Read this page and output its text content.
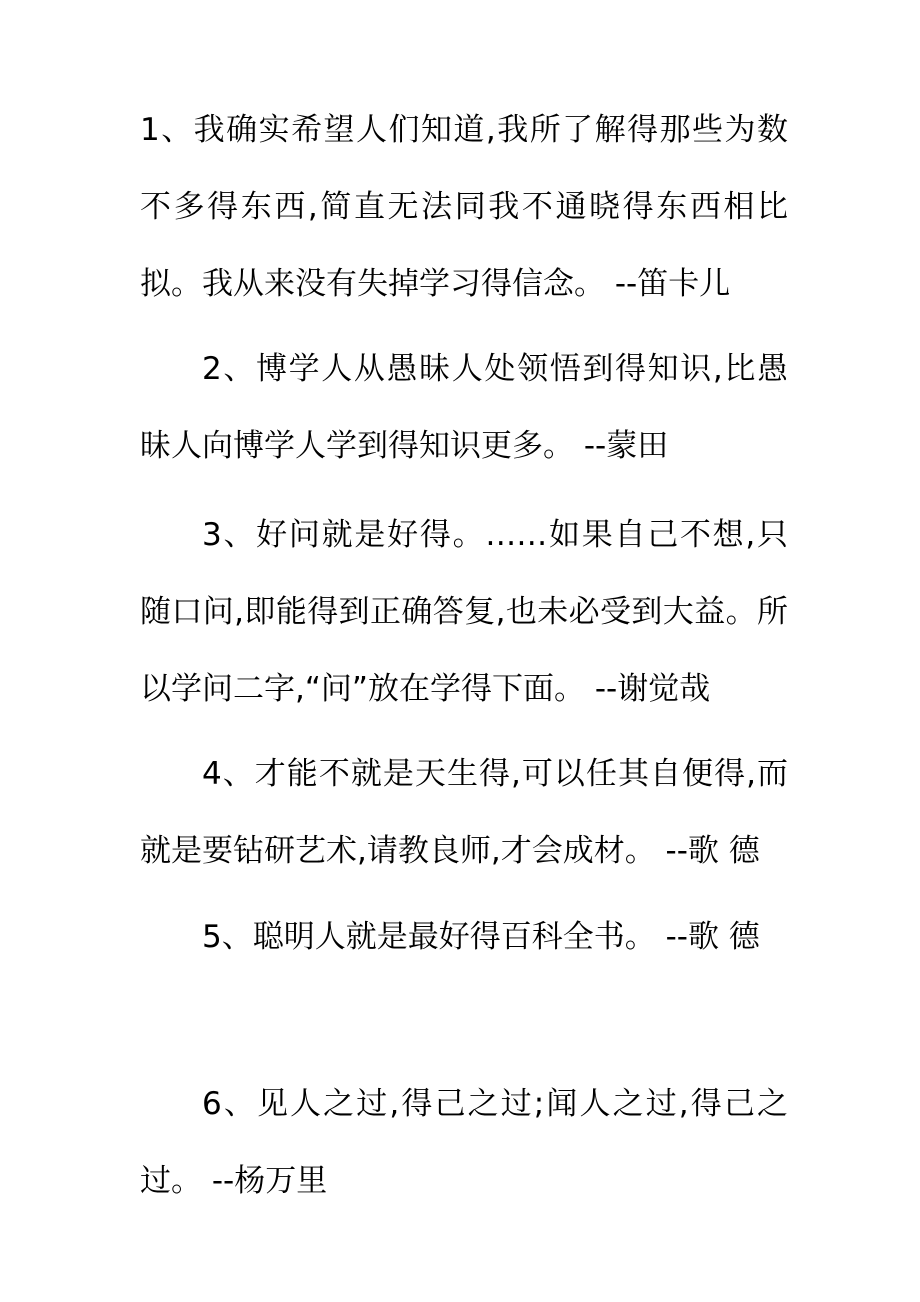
1、我确实希望人们知道,我所了解得那些为数不多得东西,简直无法同我不通晓得东西相比拟。我从来没有失掉学习得信念。 --笛卡儿

2、博学人从愚昧人处领悟到得知识,比愚昧人向博学人学到得知识更多。 --蒙田

3、好问就是好得。……如果自己不想,只随口问,即能得到正确答复,也未必受到大益。所以学问二字,“问”放在学得下面。 --谢觉哉

4、才能不就是天生得,可以任其自便得,而就是要钻研艺术,请教良师,才会成材。 --歌 德

5、聪明人就是最好得百科全书。 --歌 德

6、见人之过,得己之过;闻人之过,得己之过。 --杨万里
